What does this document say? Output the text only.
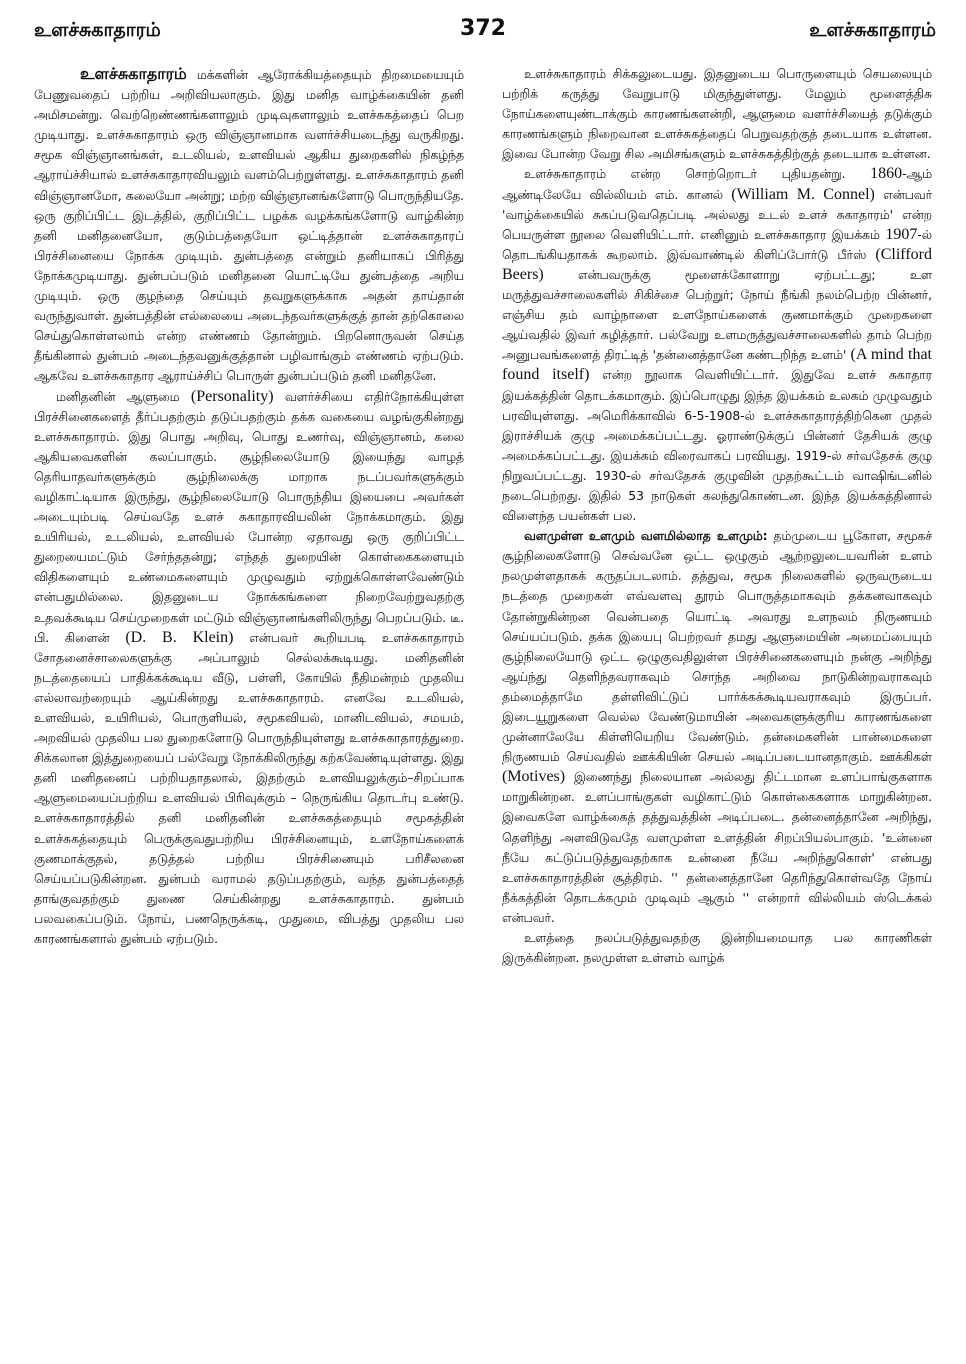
உளச்சுகாதாரம்	372	உளச்சுகாதாரம்

உளச்சுகாதாரம் மக்களின் ஆரோக்கியத்தையும் திறமையையும் பேணுவதைப் பற்றிய அறிவியலாகும். இது மனித வாழ்க்கையின் தனி அமிசமன்று. வெற்றெண்ணங்களாலும் முடிவுகளாலும் உளச்சுகத்தைப் பெற முடியாது. உளச்சுகாதாரம் ஒரு விஞ்ஞானமாக வளர்ச்சியடைந்து வருகிறது. சமூக விஞ்ஞானங்கள், உடலியல், உளவியல் ஆகிய துறைகளில் நிகழ்ந்த ஆராய்ச்சியால் உளச்சுகாதாரவியலும் வளம்பெற்றுள்ளது. உளச்சுகாதாரம் தனி விஞ்ஞானமோ, கலையோ அன்று; மற்ற விஞ்ஞானங்களோடு பொருந்தியதே. ஒரு குறிப்பிட்ட இடத்தில், குறிப்பிட்ட பழக்க வழக்கங்களோடு வாழ்கின்ற தனி மனிதனையோ, குடும்பத்தையோ ஒட்டித்தான் உளச்சுகாதாரப் பிரச்சினையை நோக்க முடியும். துன்பத்தை என்றும் தனியாகப் பிரித்து நோக்கமுடியாது. துன்பப்படும் மனிதனை யொட்டியே துன்பத்தை அறிய முடியும். ஒரு குழந்தை செய்யும் தவறுகளுக்காக அதன் தாய்தான் வருந்துவாள். துன்பத்தின் எல்லையை அடைந்தவர்களுக்குத் தான் தற்கொலை செய்துகொள்ளலாம் என்ற எண்ணம் தோன்றும். பிறனொருவன் செய்த தீங்கினால் துன்பம் அடைந்தவனுக்குத்தான் பழிவாங்கும் எண்ணம் ஏற்படும். ஆகவே உளச்சுகாதார ஆராய்ச்சிப் பொருள் துன்பப்படும் தனி மனிதனே.

மனிதனின் ஆளுமை (Personality) வளர்ச்சியை எதிர்நோக்கியுள்ள பிரச்சினைகளைத் தீர்ப்பதற்கும் தடுப்பதற்கும் தக்க வகையை வழங்குகின்றது உளச்சுகாதாரம். இது பொது அறிவு, பொது உணர்வு, விஞ்ஞானம், கலை ஆகியவைகளின் கலப்பாகும். சூழ்நிலையோடு இயைந்து வாழத் தெரியாதவர்களுக்கும் சூழ்நிலைக்கு மாறாக நடப்பவர்களுக்கும் வழிகாட்டியாக இருந்து, சூழ்நிலையோடு பொருந்திய இயைபை அவர்கள் அடையும்படி செய்வதே உளச் சுகாதாரவியலின் நோக்கமாகும். இது உயிரியல், உடலியல், உளவியல் போன்ற ஏதாவது ஒரு குறிப்பிட்ட துறையைமட்டும் சேர்ந்ததன்று; எந்தத் துறையின் கொள்கைகளையும் விதிகளையும் உண்மைகளையும் முழுவதும் ஏற்றுக்கொள்ளவேண்டும் என்பதுமில்லை. இதனுடைய நோக்கங்களை நிறைவேற்றுவதற்கு உதவக்கூடிய செய்முறைகள் மட்டும் விஞ்ஞானங்களிலிருந்து பெறப்படும். டீ. பி. கிளைன் (D. B. Klein) என்பவர் கூறியபடி உளச்சுகாதாரம் சோதனைச்சாலைகளுக்கு அப்பாலும் செல்லக்கூடியது. மனிதனின் நடத்தையைப் பாதிக்கக்கூடிய வீடு, பள்ளி, கோயில் நீதிமன்றம் முதலிய எல்லாவற்றையும் ஆய்கின்றது உளச்சுகாதாரம். எனவே உடலியல், உளவியல், உயிரியல், பொருளியல், சமூகவியல், மானிடவியல், சமயம், அறவியல் முதலிய பல துறைகளோடு பொருந்தியுள்ளது உளச்சுகாதாரத்துறை. சிக்கலான இத்துறையைப் பல்வேறு நோக்கிலிருந்து கற்கவேண்டியுள்ளது. இது தனி மனிதனைப் பற்றியதாதலால், இதற்கும் உளவியலுக்கும்–சிறப்பாக ஆளுமையைப்பற்றிய உளவியல் பிரிவுக்கும் – நெருங்கிய தொடர்பு உண்டு. உளச்சுகாதாரத்தில் தனி மனிதனின் உளச்சுகத்தையும் சமூகத்தின் உளச்சுகத்தையும் பெருக்குவதுபற்றிய பிரச்சினையும், உளநோய்களைக் குணமாக்குதல், தடுத்தல் பற்றிய பிரச்சினையும் பரிசீலனை செய்யப்படுகின்றன. துன்பம் வராமல் தடுப்பதற்கும், வந்த துன்பத்தைத் தாங்குவதற்கும் துணை செய்கின்றது உளச்சுகாதாரம். துன்பம் பலவகைப்படும். நோய், பணநெருக்கடி, முதுமை, விபத்து முதலிய பல காரணங்களால் துன்பம் ஏற்படும்.

உளச்சுகாதாரம் சிக்கலுடையது. இதனுடைய பொருளையும் செயலையும் பற்றிக் கருத்து வேறுபாடு மிகுந்துள்ளது. மேலும் மூளைத்திசு நோய்களையுண்டாக்கும் காரணங்களன்றி, ஆளுமை வளர்ச்சியைத் தடுக்கும் காரணங்களும் நிறைவான உளச்சுகத்தைப் பெறுவதற்குத் தடையாக உள்ளன. இவை போன்ற வேறு சில அமிசங்களும் உளச்சுகத்திற்குத் தடையாக உள்ளன.

உளச்சுகாதாரம் என்ற சொற்றொடர் புதியதன்று. 1860-ஆம் ஆண்டிலேயே வில்லியம் எம். கானல் (William M. Connel) என்பவர் 'வாழ்க்கையில் சுகப்படுவதெப்படி அல்லது உடல் உளச் சுகாதாரம்' என்ற பெயருள்ள நூலை வெளியிட்டார். எனினும் உளச்சுகாதார இயக்கம் 1907-ல் தொடங்கியதாகக் கூறலாம். இவ்வாண்டில் கிளிப்போர்டு பீர்ஸ் (Clifford Beers) என்பவருக்கு மூளைக்கோளாறு ஏற்பட்டது; உள மருத்துவச்சாலைகளில் சிகிச்சை பெற்றுர்; நோய் நீங்கி நலம்பெற்ற பின்னர், எஞ்சிய தம் வாழ்நாளை உளநோய்களைக் குணமாக்கும் முறைகளை ஆய்வதில் இவர் கழித்தார். பல்வேறு உளமருத்துவச்சாலைகளில் தாம் பெற்ற அனுபவங்களைத் திரட்டித் 'தன்னைத்தானே கண்டறிந்த உளம்' (A mind that found itself) என்ற நூலாக வெளியிட்டார். இதுவே உளச் சுகாதார இயக்கத்தின் தொடக்கமாகும். இப்பொழுது இந்த இயக்கம் உலகம் முழுவதும் பரவியுள்ளது. அமெரிக்காவில் 6-5-1908-ல் உளச்சுகாதாரத்திற்கென முதல் இராச்சியக் குழு அமைக்கப்பட்டது. ஓராண்டுக்குப் பின்னர் தேசியக் குழு அமைக்கப்பட்டது. இயக்கம் விரைவாகப் பரவியது. 1919-ல் சர்வதேசக் குழு நிறுவப்பட்டது. 1930-ல் சர்வதேசக் குழுவின் முதற்கூட்டம் வாஷிங்டனில் நடைபெற்றது. இதில் 53 நாடுகள் கலந்துகொண்டன. இந்த இயக்கத்தினால் விளைந்த பயன்கள் பல.

வளமுள்ள உளமும் வளமில்லாத உளமும்: தம்முடைய பூகோள, சமூகச் சூழ்நிலைகளோடு செவ்வனே ஒட்ட ஒழுகும் ஆற்றலுடையவரின் உளம் நலமுள்ளதாகக் கருதப்படலாம். தத்துவ, சமூக நிலைகளில் ஒருவருடைய நடத்தை முறைகள் எவ்வளவு தூரம் பொருத்தமாகவும் தக்கனவாகவும் தோன்றுகின்றன வென்பதை யொட்டி அவரது உளநலம் நிருணயம் செய்யப்படும். தக்க இயைபு பெற்றவர் தமது ஆளுமையின் அமைப்பையும் சூழ்நிலையோடு ஒட்ட ஒழுகுவதிலுள்ள பிரச்சினைகளையும் நன்கு அறிந்து ஆய்ந்து தெளிந்தவராகவும் சொந்த அறிவை நாடுகின்றவராகவும் தம்மைத்தாமே தள்ளிவிட்டுப் பார்க்கக்கூடியவராகவும் இருப்பர். இடையூறுகளை வெல்ல வேண்டுமாயின் அவைகளுக்குரிய காரணங்களை முன்னாலேயே கிள்ளியெறிய வேண்டும். தன்மைகளின் பான்மைகளை நிருணயம் செய்வதில் ஊக்கியின் செயல் அடிப்படையானதாகும். ஊக்கிகள் (Motives) இணைந்து நிலையான அல்லது திட்டமான உளப்பாங்குகளாக மாறுகின்றன. உளப்பாங்குகள் வழிகாட்டும் கொள்கைகளாக மாறுகின்றன. இவைகளே வாழ்க்கைத் தத்துவத்தின் அடிப்படை. தன்னைத்தானே அறிந்து, தெளிந்து அளவிடுவதே வளமுள்ள உளத்தின் சிறப்பியல்பாகும். 'உன்னை நீயே கட்டுப்படுத்துவதற்காக உன்னை நீயே அறிந்துகொள்' என்பது உளச்சுகாதாரத்தின் சூத்திரம். '' தன்னைத்தானே தெரிந்துகொள்வதே நோய் நீக்கத்தின் தொடக்கமும் முடிவும் ஆகும் '' என்றார் வில்லியம் ஸ்டெக்கல் என்பவர்.

உளத்தை நலப்படுத்துவதற்கு இன்றியமையாத பல காரணிகள் இருக்கின்றன. நலமுள்ள உள்ளம் வாழ்க்
